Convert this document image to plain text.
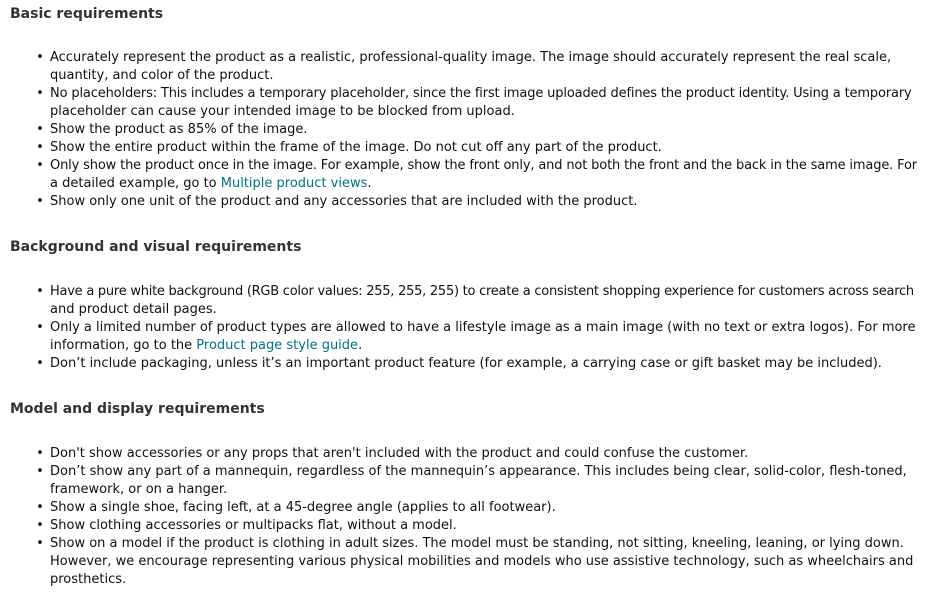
Basic requirements
• Accurately represent the product as a realistic, professional-quality image. The image should accurately represent the real scale,
quantity, and color of the product.
• No placeholders: This includes a temporary placeholder, since the first image uploaded defines the product identity. Using a temporary
placeholder can cause your intended image to be blocked from upload.
• Show the product as 85% of the image.
• Show the entire product within the frame of the image. Do not cut off any part of the product.
• Only show the product once in the image. For example, show the front only, and not both the front and the back in the same image. For
a detailed example, go to Multiple product views.
• Show only one unit of the product and any accessories that are included with the product.
Background and visual requirements
• Have a pure white background (RGB color values: 255, 255, 255) to create a consistent shopping experience for customers across search
and product detail pages.
• Only a limited number of product types are allowed to have a lifestyle image as a main image (with no text or extra logos). For more
information, go to the Product page style guide.
• Don’t include packaging, unless it’s an important product feature (for example, a carrying case or gift basket may be included).
Model and display requirements
• Don't show accessories or any props that aren't included with the product and could confuse the customer.
• Don’t show any part of a mannequin, regardless of the mannequin’s appearance. This includes being clear, solid-color, flesh-toned,
framework, or on a hanger.
• Show a single shoe, facing left, at a 45-degree angle (applies to all footwear).
• Show clothing accessories or multipacks flat, without a model.
• Show on a model if the product is clothing in adult sizes. The model must be standing, not sitting, kneeling, leaning, or lying down.
However, we encourage representing various physical mobilities and models who use assistive technology, such as wheelchairs and
prosthetics.
